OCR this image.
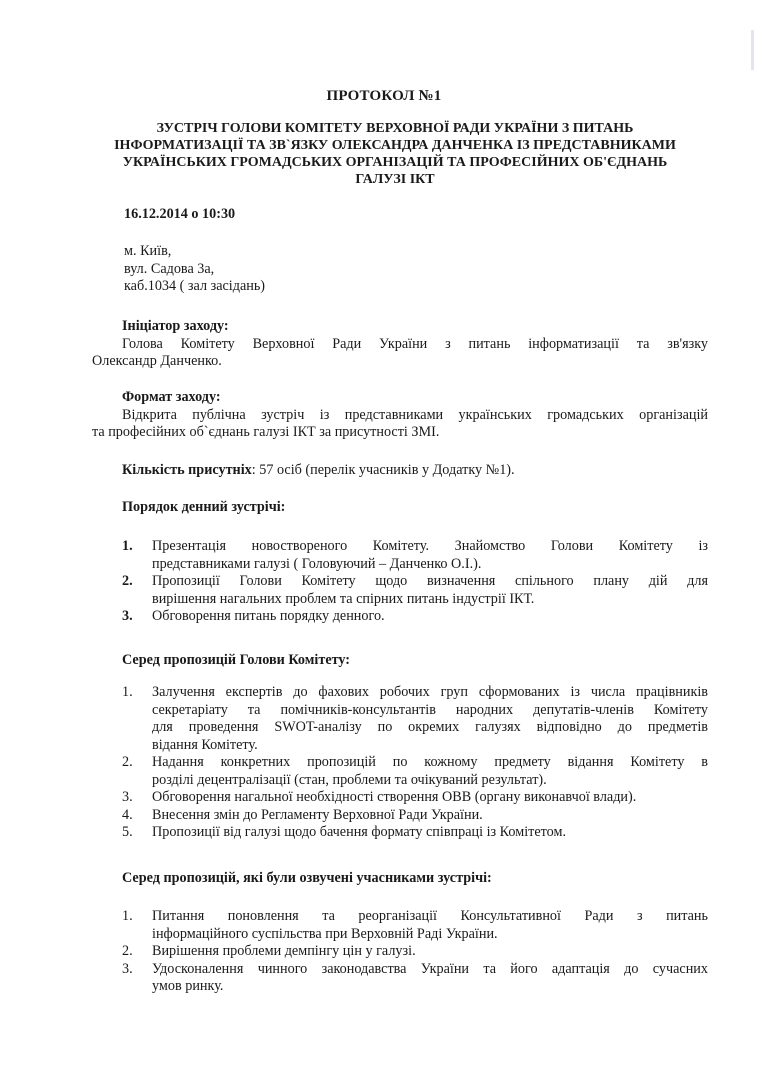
ПРОТОКОЛ №1
ЗУСТРІЧ ГОЛОВИ КОМІТЕТУ ВЕРХОВНОЇ РАДИ УКРАЇНИ З ПИТАНЬ
ІНФОРМАТИЗАЦІЇ ТА ЗВ`ЯЗКУ ОЛЕКСАНДРА ДАНЧЕНКА ІЗ ПРЕДСТАВНИКАМИ
УКРАЇНСЬКИХ ГРОМАДСЬКИХ ОРГАНІЗАЦІЙ ТА ПРОФЕСІЙНИХ ОБ'ЄДНАНЬ
ГАЛУЗІ ІКТ
16.12.2014 о 10:30
м. Київ,
вул. Садова 3а,
каб.1034 ( зал засідань)
Ініціатор заходу:
Голова Комітету Верховної Ради України з питань інформатизації та зв'язку
Олександр Данченко.
Формат заходу:
Відкрита публічна зустріч із представниками українських громадських організацій
та професійних об`єднань галузі ІКТ за присутності ЗМІ.
Кількість присутніх: 57 осіб (перелік учасників у Додатку №1).
Порядок денний зустрічі:
1.	Презентація новоствореного Комітету. Знайомство Голови Комітету із
представниками галузі ( Головуючий – Данченко О.І.).
2.	Пропозиції Голови Комітету щодо визначення спільного плану дій для
вирішення нагальних проблем та спірних питань індустрії ІКТ.
3.	Обговорення питань порядку денного.
Серед пропозицій Голови Комітету:
1.	Залучення експертів до фахових робочих груп сформованих із числа працівників
секретаріату та помічників-консультантів народних депутатів-членів Комітету
для проведення SWOT-аналізу по окремих галузях відповідно до предметів
відання Комітету.
2.	Надання конкретних пропозицій по кожному предмету відання Комітету в
розділі децентралізації (стан, проблеми та очікуваний результат).
3.	Обговорення нагальної необхідності створення ОВВ (органу виконавчої влади).
4.	Внесення змін до Регламенту Верховної Ради України.
5.	Пропозиції від галузі щодо бачення формату співпраці із Комітетом.
Серед пропозицій, які були озвучені учасниками зустрічі:
1.	Питання поновлення та реорганізації Консультативної Ради з питань
інформаційного суспільства при Верховній Раді України.
2.	Вирішення проблеми демпінгу цін у галузі.
3.	Удосконалення чинного законодавства України та його адаптація до сучасних
умов ринку.
